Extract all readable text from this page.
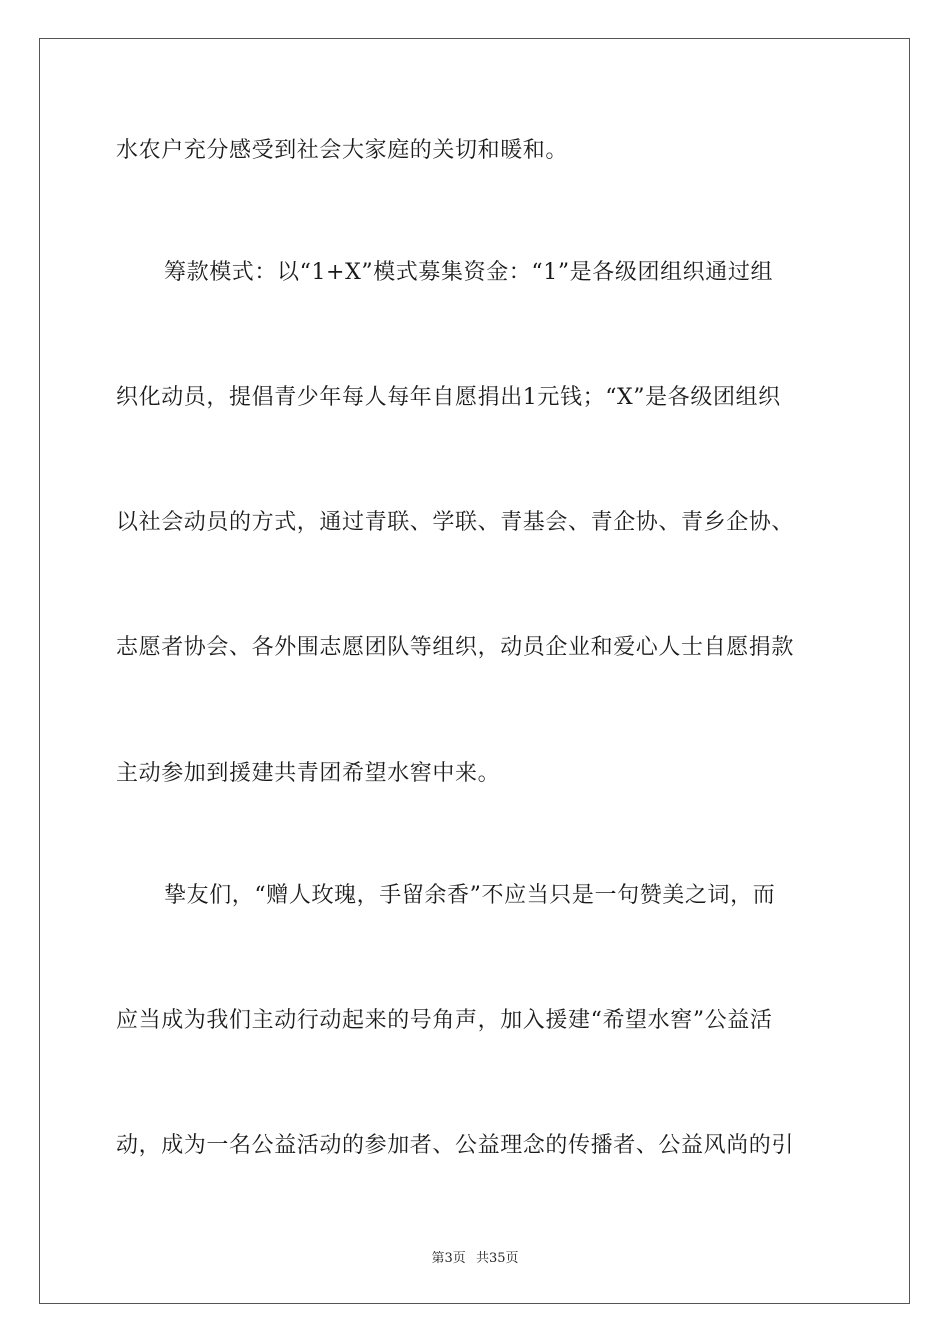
水农户充分感受到社会大家庭的关切和暖和。
筹款模式：以“1+X”模式募集资金：“1”是各级团组织通过组
织化动员，提倡青少年每人每年自愿捐出1元钱；“X”是各级团组织
以社会动员的方式，通过青联、学联、青基会、青企协、青乡企协、
志愿者协会、各外围志愿团队等组织，动员企业和爱心人士自愿捐款
主动参加到援建共青团希望水窖中来。
挚友们，“赠人玫瑰，手留余香”不应当只是一句赞美之词，而
应当成为我们主动行动起来的号角声，加入援建“希望水窖”公益活
动，成为一名公益活动的参加者、公益理念的传播者、公益风尚的引
第3页 共35页
